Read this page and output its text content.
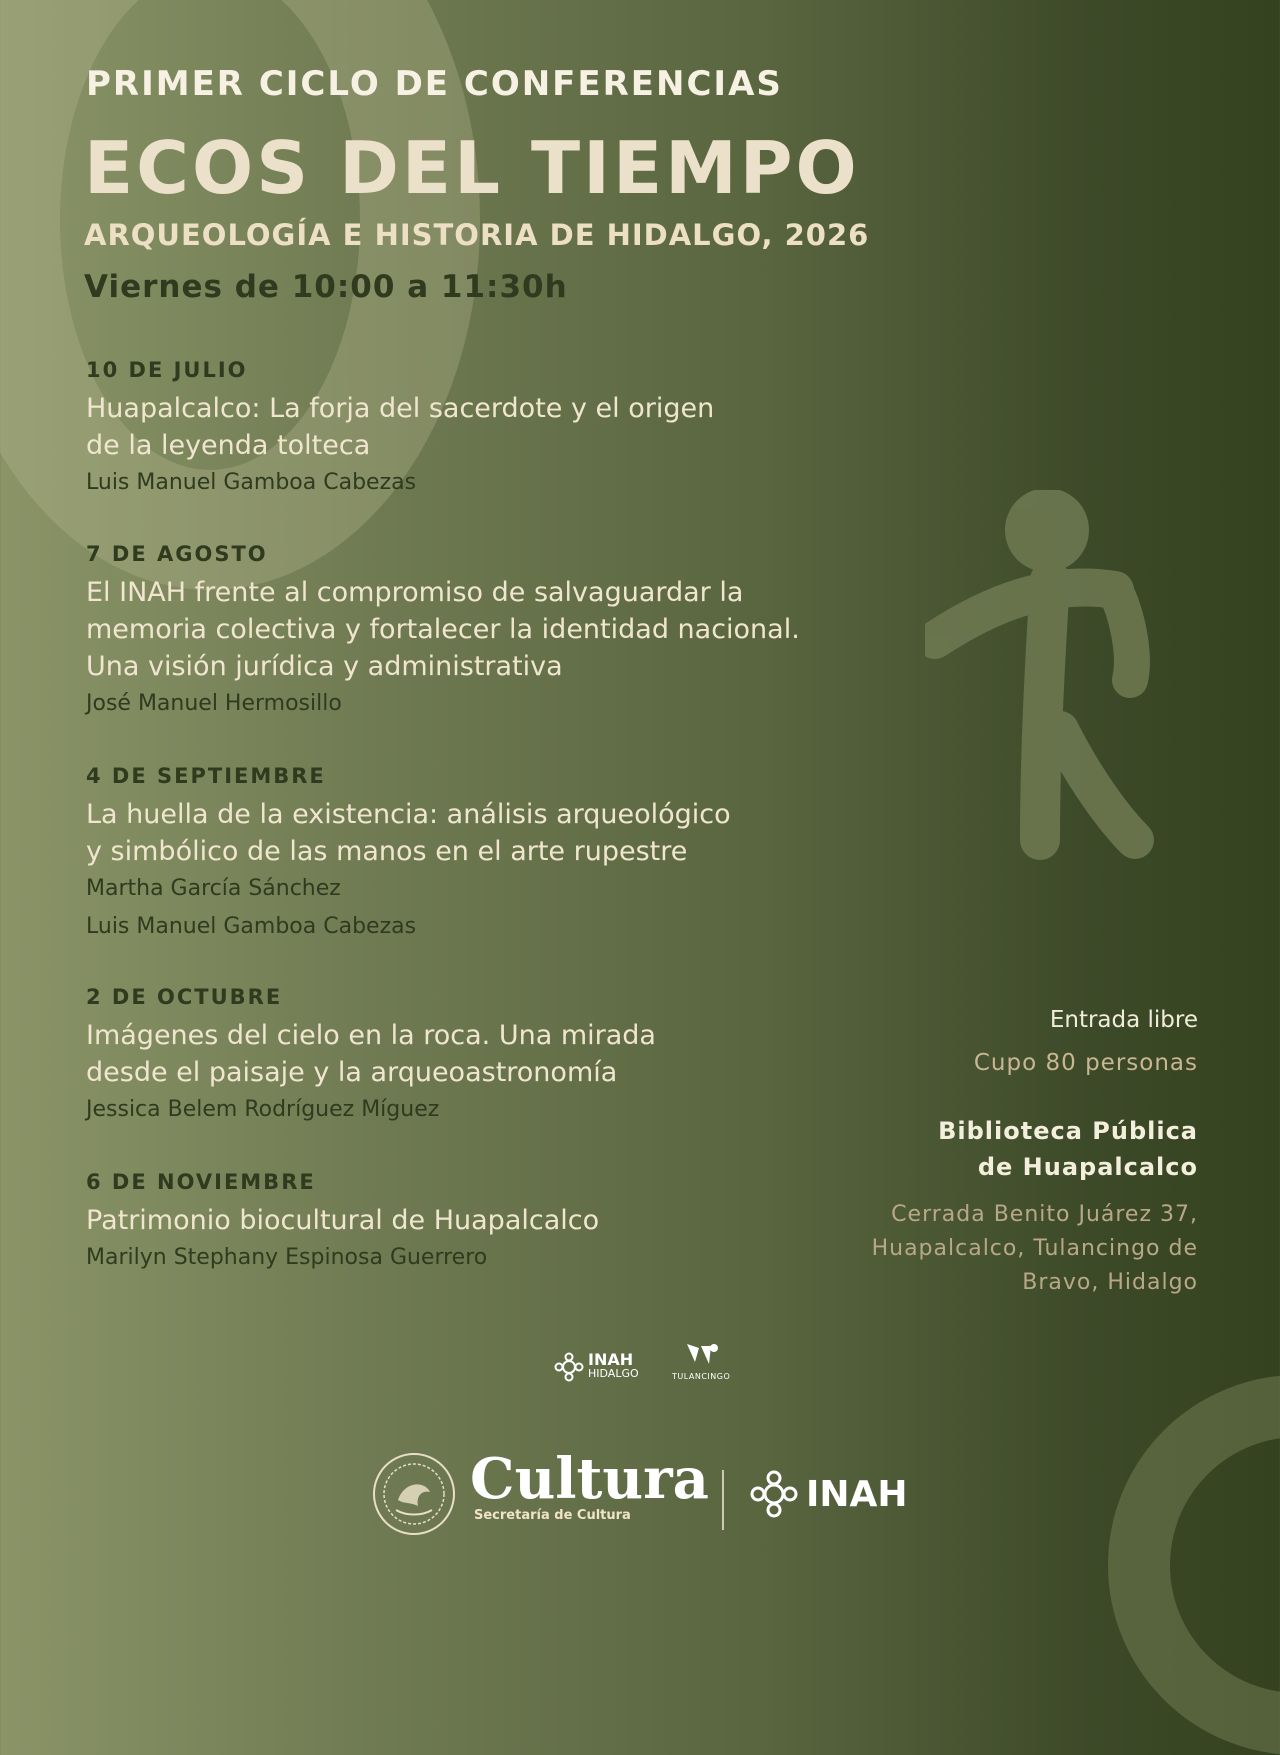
PRIMER CICLO DE CONFERENCIAS
ECOS DEL TIEMPO
ARQUEOLOGÍA E HISTORIA DE HIDALGO, 2026
Viernes de 10:00 a 11:30h
10 DE JULIO
Huapalcalco: La forja del sacerdote y el origen
de la leyenda tolteca
Luis Manuel Gamboa Cabezas
7 DE AGOSTO
El INAH frente al compromiso de salvaguardar la
memoria colectiva y fortalecer la identidad nacional.
Una visión jurídica y administrativa
José Manuel Hermosillo
4 DE SEPTIEMBRE
La huella de la existencia: análisis arqueológico
y simbólico de las manos en el arte rupestre
Martha García Sánchez
Luis Manuel Gamboa Cabezas
2 DE OCTUBRE
Imágenes del cielo en la roca. Una mirada
desde el paisaje y la arqueoastronomía
Jessica Belem Rodríguez Míguez
6 DE NOVIEMBRE
Patrimonio biocultural de Huapalcalco
Marilyn Stephany Espinosa Guerrero
Entrada libre
Cupo 80 personas
Biblioteca Pública
de Huapalcalco
Cerrada Benito Juárez 37,
Huapalcalco, Tulancingo de
Bravo, Hidalgo
INAH
HIDALGO	TULANCINGO
Cultura
Secretaría de Cultura
INAH
